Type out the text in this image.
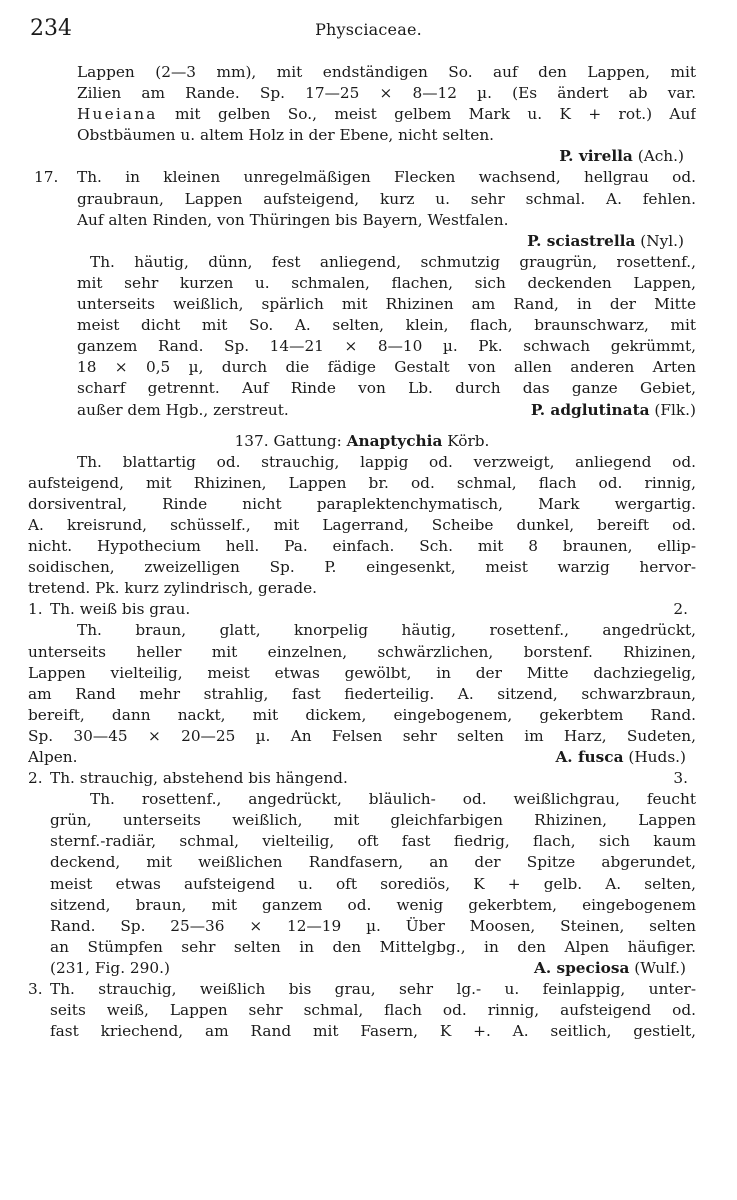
234	Physciaceae.
Lappen (2—3 mm), mit endständigen So. auf den Lappen, mit
Zilien am Rande. Sp. 17—25 × 8—12 µ. (Es ändert ab var.
Hueiana mit gelben So., meist gelbem Mark u. K + rot.) Auf
Obstbäumen u. altem Holz in der Ebene, nicht selten.
P. virella (Ach.)
17. Th. in kleinen unregelmäßigen Flecken wachsend, hellgrau od.
graubraun, Lappen aufsteigend, kurz u. sehr schmal. A. fehlen.
Auf alten Rinden, von Thüringen bis Bayern, Westfalen.
P. sciastrella (Nyl.)
Th. häutig, dünn, fest anliegend, schmutzig graugrün, rosettenf.,
mit sehr kurzen u. schmalen, flachen, sich deckenden Lappen,
unterseits weißlich, spärlich mit Rhizinen am Rand, in der Mitte
meist dicht mit So. A. selten, klein, flach, braunschwarz, mit
ganzem Rand. Sp. 14—21 × 8—10 µ. Pk. schwach gekrümmt,
18 × 0,5 µ, durch die fädige Gestalt von allen anderen Arten
scharf getrennt. Auf Rinde von Lb. durch das ganze Gebiet,
außer dem Hgb., zerstreut.	P. adglutinata (Flk.)
137. Gattung: Anaptychia Körb.
Th. blattartig od. strauchig, lappig od. verzweigt, anliegend od.
aufsteigend, mit Rhizinen, Lappen br. od. schmal, flach od. rinnig,
dorsiventral, Rinde nicht paraplektenchymatisch, Mark wergartig.
A. kreisrund, schüsself., mit Lagerrand, Scheibe dunkel, bereift od.
nicht. Hypothecium hell. Pa. einfach. Sch. mit 8 braunen, ellip-
soidischen, zweizelligen Sp. P. eingesenkt, meist warzig hervor-
tretend. Pk. kurz zylindrisch, gerade.
1. Th. weiß bis grau.	2.
Th. braun, glatt, knorpelig häutig, rosettenf., angedrückt,
unterseits heller mit einzelnen, schwärzlichen, borstenf. Rhizinen,
Lappen vielteilig, meist etwas gewölbt, in der Mitte dachziegelig,
am Rand mehr strahlig, fast fiederteilig. A. sitzend, schwarzbraun,
bereift, dann nackt, mit dickem, eingebogenem, gekerbtem Rand.
Sp. 30—45 × 20—25 µ. An Felsen sehr selten im Harz, Sudeten,
Alpen.	A. fusca (Huds.)
2. Th. strauchig, abstehend bis hängend.	3.
Th. rosettenf., angedrückt, bläulich- od. weißlichgrau, feucht
grün, unterseits weißlich, mit gleichfarbigen Rhizinen, Lappen
sternf.-radiär, schmal, vielteilig, oft fast fiedrig, flach, sich kaum
deckend, mit weißlichen Randfasern, an der Spitze abgerundet,
meist etwas aufsteigend u. oft sorediös, K + gelb. A. selten,
sitzend, braun, mit ganzem od. wenig gekerbtem, eingebogenem
Rand. Sp. 25—36 × 12—19 µ. Über Moosen, Steinen, selten
an Stümpfen sehr selten in den Mittelgbg., in den Alpen häufiger.
(231, Fig. 290.)	A. speciosa (Wulf.)
3. Th. strauchig, weißlich bis grau, sehr lg.- u. feinlappig, unter-
seits weiß, Lappen sehr schmal, flach od. rinnig, aufsteigend od.
fast kriechend, am Rand mit Fasern, K +. A. seitlich, gestielt,
